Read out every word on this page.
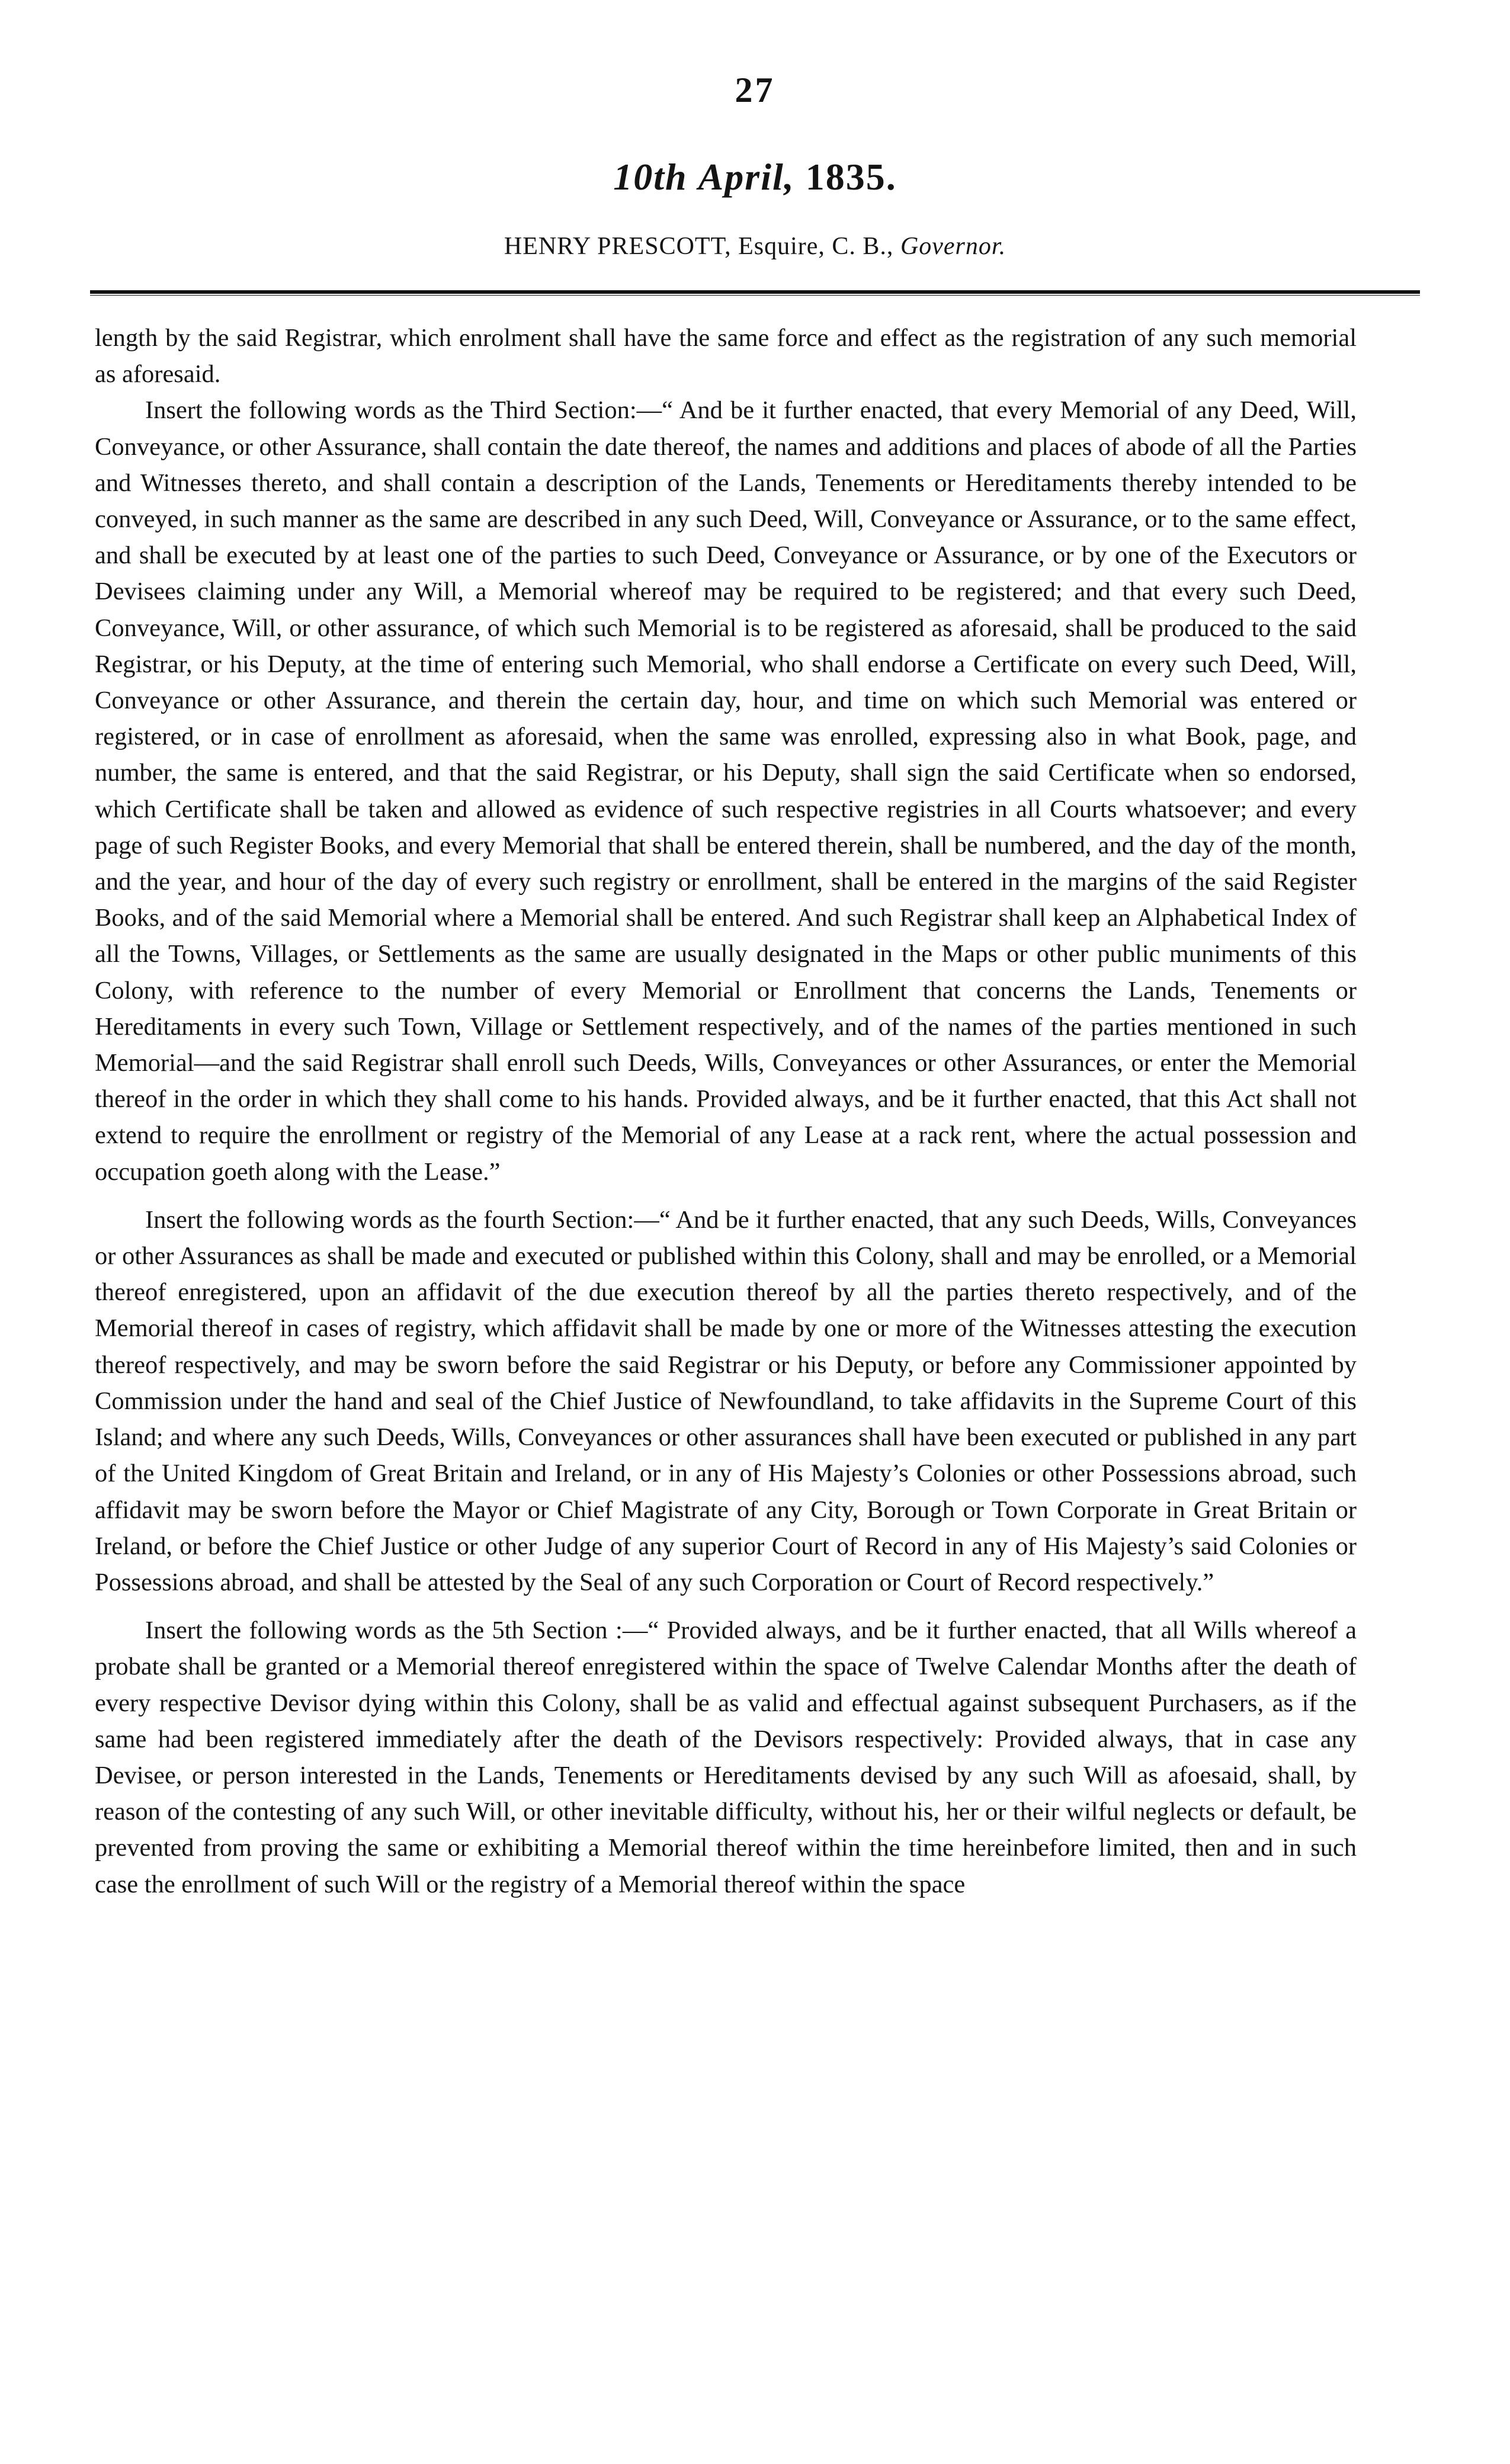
27
10th April, 1835.
HENRY PRESCOTT, Esquire, C. B., Governor.

length by the said Registrar, which enrolment shall have the same force and effect as the registration of any such memorial as aforesaid.

Insert the following words as the Third Section:—“ And be it further enacted, that every Memorial of any Deed, Will, Conveyance, or other Assurance, shall contain the date thereof, the names and additions and places of abode of all the Parties and Witnesses thereto, and shall contain a description of the Lands, Tenements or Hereditaments thereby intended to be conveyed, in such manner as the same are described in any such Deed, Will, Conveyance or Assurance, or to the same effect, and shall be executed by at least one of the parties to such Deed, Conveyance or Assurance, or by one of the Executors or Devisees claiming under any Will, a Memorial whereof may be required to be registered; and that every such Deed, Conveyance, Will, or other assurance, of which such Memorial is to be registered as aforesaid, shall be produced to the said Registrar, or his Deputy, at the time of entering such Memorial, who shall endorse a Certificate on every such Deed, Will, Conveyance or other Assurance, and therein the certain day, hour, and time on which such Memorial was entered or registered, or in case of enrollment as aforesaid, when the same was enrolled, expressing also in what Book, page, and number, the same is entered, and that the said Registrar, or his Deputy, shall sign the said Certificate when so endorsed, which Certificate shall be taken and allowed as evidence of such respective registries in all Courts whatsoever; and every page of such Register Books, and every Memorial that shall be entered therein, shall be numbered, and the day of the month, and the year, and hour of the day of every such registry or enrollment, shall be entered in the margins of the said Register Books, and of the said Memorial where a Memorial shall be entered. And such Registrar shall keep an Alphabetical Index of all the Towns, Villages, or Settlements as the same are usually designated in the Maps or other public muniments of this Colony, with reference to the number of every Memorial or Enrollment that concerns the Lands, Tenements or Hereditaments in every such Town, Village or Settlement respectively, and of the names of the parties mentioned in such Memorial—and the said Registrar shall enroll such Deeds, Wills, Conveyances or other Assurances, or enter the Memorial thereof in the order in which they shall come to his hands. Provided always, and be it further enacted, that this Act shall not extend to require the enrollment or registry of the Memorial of any Lease at a rack rent, where the actual possession and occupation goeth along with the Lease.”

Insert the following words as the fourth Section:—“ And be it further enacted, that any such Deeds, Wills, Conveyances or other Assurances as shall be made and executed or published within this Colony, shall and may be enrolled, or a Memorial thereof enregistered, upon an affidavit of the due execution thereof by all the parties thereto respectively, and of the Memorial thereof in cases of registry, which affidavit shall be made by one or more of the Witnesses attesting the execution thereof respectively, and may be sworn before the said Registrar or his Deputy, or before any Commissioner appointed by Commission under the hand and seal of the Chief Justice of Newfoundland, to take affidavits in the Supreme Court of this Island; and where any such Deeds, Wills, Conveyances or other assurances shall have been executed or published in any part of the United Kingdom of Great Britain and Ireland, or in any of His Majesty’s Colonies or other Possessions abroad, such affidavit may be sworn before the Mayor or Chief Magistrate of any City, Borough or Town Corporate in Great Britain or Ireland, or before the Chief Justice or other Judge of any superior Court of Record in any of His Majesty’s said Colonies or Possessions abroad, and shall be attested by the Seal of any such Corporation or Court of Record respectively.”

Insert the following words as the 5th Section :—“ Provided always, and be it further enacted, that all Wills whereof a probate shall be granted or a Memorial thereof enregistered within the space of Twelve Calendar Months after the death of every respective Devisor dying within this Colony, shall be as valid and effectual against subsequent Purchasers, as if the same had been registered immediately after the death of the Devisors respectively: Provided always, that in case any Devisee, or person interested in the Lands, Tenements or Hereditaments devised by any such Will as afoesaid, shall, by reason of the contesting of any such Will, or other inevitable difficulty, without his, her or their wilful neglects or default, be prevented from proving the same or exhibiting a Memorial thereof within the time hereinbefore limited, then and in such case the enrollment of such Will or the registry of a Memorial thereof within the space
